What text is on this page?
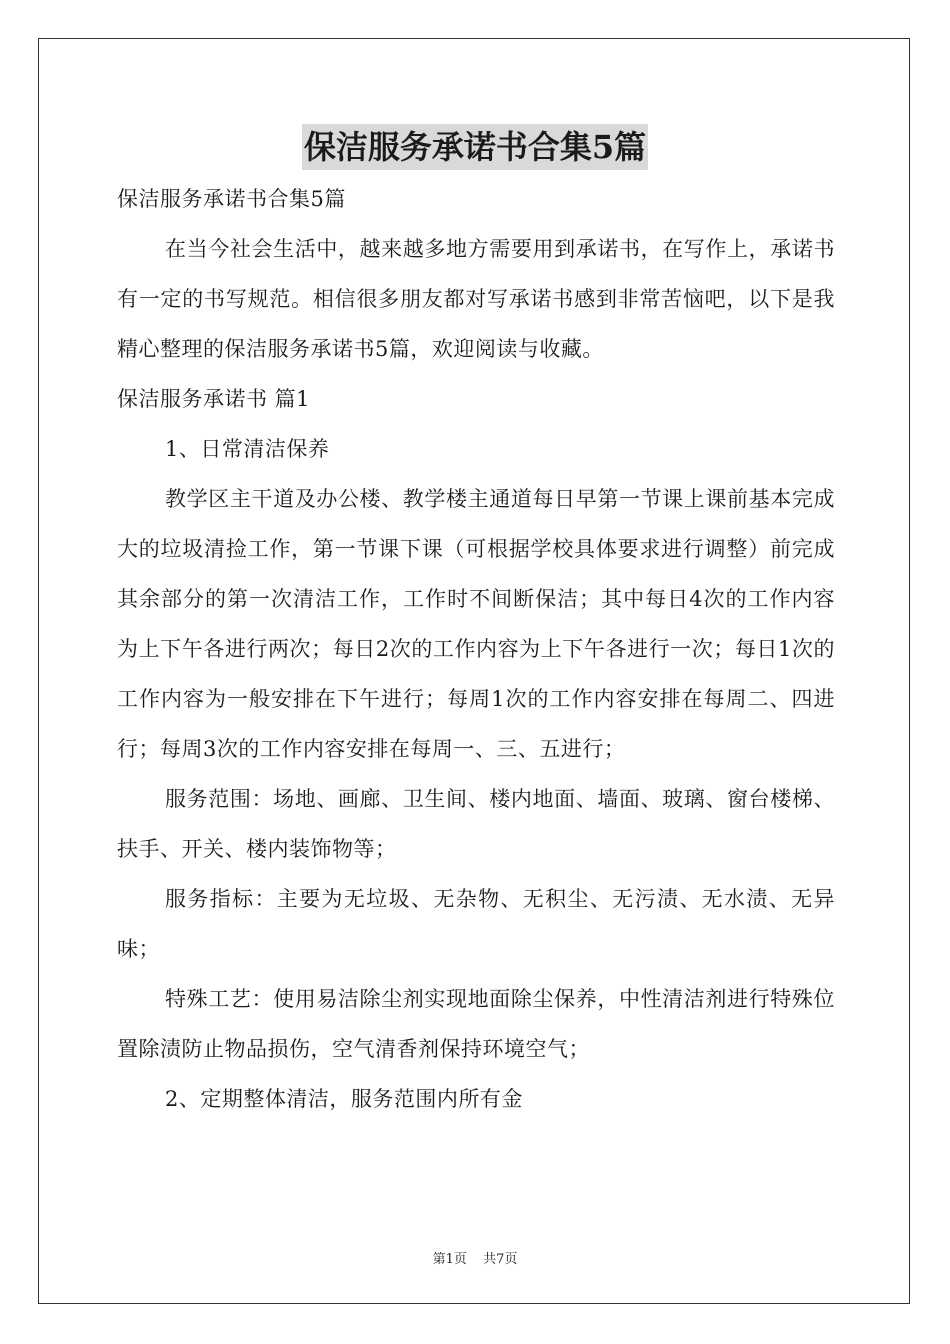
保洁服务承诺书合集5篇

保洁服务承诺书合集5篇

在当今社会生活中，越来越多地方需要用到承诺书，在写作上，承诺书有一定的书写规范。相信很多朋友都对写承诺书感到非常苦恼吧，以下是我精心整理的保洁服务承诺书5篇，欢迎阅读与收藏。

保洁服务承诺书 篇1

1、日常清洁保养

教学区主干道及办公楼、教学楼主通道每日早第一节课上课前基本完成大的垃圾清捡工作，第一节课下课（可根据学校具体要求进行调整）前完成其余部分的第一次清洁工作，工作时不间断保洁；其中每日4次的工作内容为上下午各进行两次；每日2次的工作内容为上下午各进行一次；每日1次的工作内容为一般安排在下午进行；每周1次的工作内容安排在每周二、四进行；每周3次的工作内容安排在每周一、三、五进行；

服务范围：场地、画廊、卫生间、楼内地面、墙面、玻璃、窗台楼梯、扶手、开关、楼内装饰物等；

服务指标：主要为无垃圾、无杂物、无积尘、无污渍、无水渍、无异味；

特殊工艺：使用易洁除尘剂实现地面除尘保养，中性清洁剂进行特殊位置除渍防止物品损伤，空气清香剂保持环境空气；

2、定期整体清洁，服务范围内所有金

第1页 共7页
